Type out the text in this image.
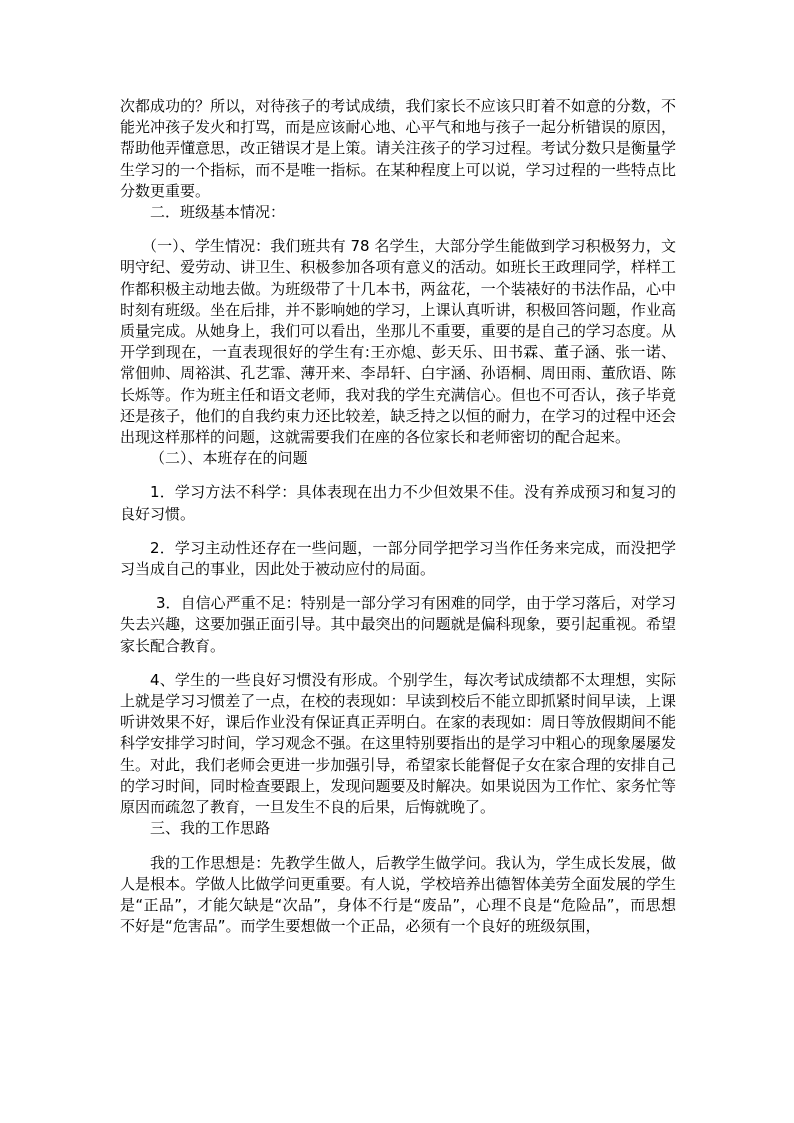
次都成功的？所以，对待孩子的考试成绩，我们家长不应该只盯着不如意的分数，不能光冲孩子发火和打骂，而是应该耐心地、心平气和地与孩子一起分析错误的原因，帮助他弄懂意思，改正错误才是上策。请关注孩子的学习过程。考试分数只是衡量学生学习的一个指标，而不是唯一指标。在某种程度上可以说，学习过程的一些特点比分数更重要。

二．班级基本情况：

（一）、学生情况：我们班共有 78 名学生，大部分学生能做到学习积极努力，文明守纪、爱劳动、讲卫生、积极参加各项有意义的活动。如班长王政理同学，样样工作都积极主动地去做。为班级带了十几本书，两盆花，一个装裱好的书法作品，心中时刻有班级。坐在后排，并不影响她的学习，上课认真听讲，积极回答问题，作业高质量完成。从她身上，我们可以看出，坐那儿不重要，重要的是自己的学习态度。从开学到现在，一直表现很好的学生有:王亦熄、彭天乐、田书霖、董子涵、张一诺、常佃帅、周裕淇、孔艺霏、薄开来、李昂轩、白宇涵、孙语桐、周田雨、董欣语、陈长烁等。作为班主任和语文老师，我对我的学生充满信心。但也不可否认，孩子毕竟还是孩子，他们的自我约束力还比较差，缺乏持之以恒的耐力，在学习的过程中还会出现这样那样的问题，这就需要我们在座的各位家长和老师密切的配合起来。

（二）、本班存在的问题

1．学习方法不科学：具体表现在出力不少但效果不佳。没有养成预习和复习的良好习惯。

2．学习主动性还存在一些问题，一部分同学把学习当作任务来完成，而没把学习当成自己的事业，因此处于被动应付的局面。

3．自信心严重不足：特别是一部分学习有困难的同学，由于学习落后，对学习失去兴趣，这要加强正面引导。其中最突出的问题就是偏科现象，要引起重视。希望家长配合教育。

4、学生的一些良好习惯没有形成。个别学生，每次考试成绩都不太理想，实际上就是学习习惯差了一点，在校的表现如：早读到校后不能立即抓紧时间早读，上课听讲效果不好，课后作业没有保证真正弄明白。在家的表现如：周日等放假期间不能科学安排学习时间，学习观念不强。在这里特别要指出的是学习中粗心的现象屡屡发生。对此，我们老师会更进一步加强引导，希望家长能督促子女在家合理的安排自己的学习时间，同时检查要跟上，发现问题要及时解决。如果说因为工作忙、家务忙等原因而疏忽了教育，一旦发生不良的后果，后悔就晚了。

三、我的工作思路

我的工作思想是：先教学生做人，后教学生做学问。我认为，学生成长发展，做人是根本。学做人比做学问更重要。有人说，学校培养出德智体美劳全面发展的学生是“正品”，才能欠缺是“次品”，身体不行是“废品”，心理不良是“危险品”，而思想不好是“危害品”。而学生要想做一个正品，必须有一个良好的班级氛围，
